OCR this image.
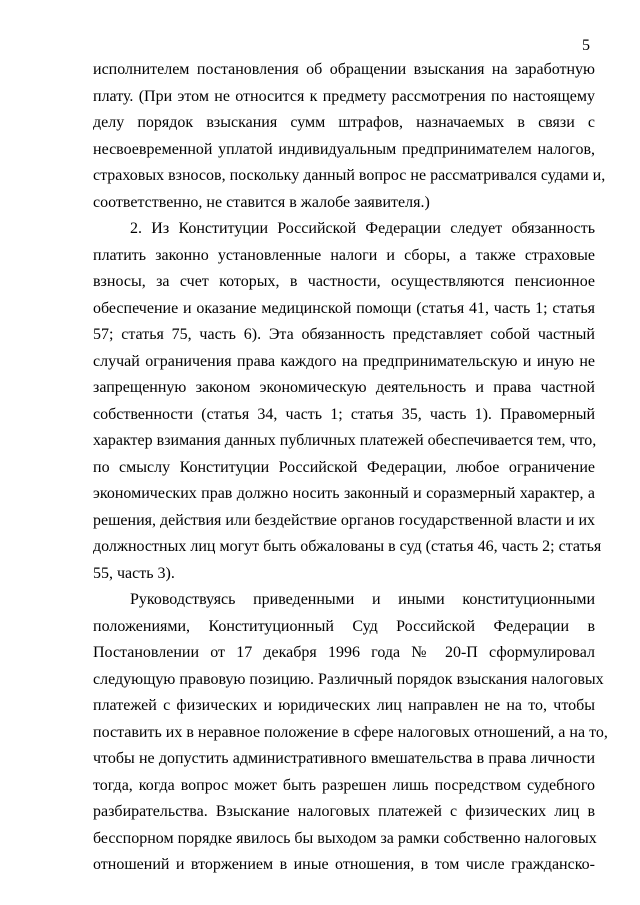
5
исполнителем постановления об обращении взыскания на заработную
плату. (При этом не относится к предмету рассмотрения по настоящему
делу порядок взыскания сумм штрафов, назначаемых в связи с
несвоевременной уплатой индивидуальным предпринимателем налогов,
страховых взносов, поскольку данный вопрос не рассматривался судами и,
соответственно, не ставится в жалобе заявителя.)
2. Из Конституции Российской Федерации следует обязанность
платить законно установленные налоги и сборы, а также страховые
взносы, за счет которых, в частности, осуществляются пенсионное
обеспечение и оказание медицинской помощи (статья 41, часть 1; статья
57; статья 75, часть 6). Эта обязанность представляет собой частный
случай ограничения права каждого на предпринимательскую и иную не
запрещенную законом экономическую деятельность и права частной
собственности (статья 34, часть 1; статья 35, часть 1). Правомерный
характер взимания данных публичных платежей обеспечивается тем, что,
по смыслу Конституции Российской Федерации, любое ограничение
экономических прав должно носить законный и соразмерный характер, а
решения, действия или бездействие органов государственной власти и их
должностных лиц могут быть обжалованы в суд (статья 46, часть 2; статья
55, часть 3).
Руководствуясь приведенными и иными конституционными
положениями, Конституционный Суд Российской Федерации в
Постановлении от 17 декабря 1996 года № 20-П сформулировал
следующую правовую позицию. Различный порядок взыскания налоговых
платежей с физических и юридических лиц направлен не на то, чтобы
поставить их в неравное положение в сфере налоговых отношений, а на то,
чтобы не допустить административного вмешательства в права личности
тогда, когда вопрос может быть разрешен лишь посредством судебного
разбирательства. Взыскание налоговых платежей с физических лиц в
бесспорном порядке явилось бы выходом за рамки собственно налоговых
отношений и вторжением в иные отношения, в том числе гражданско-
